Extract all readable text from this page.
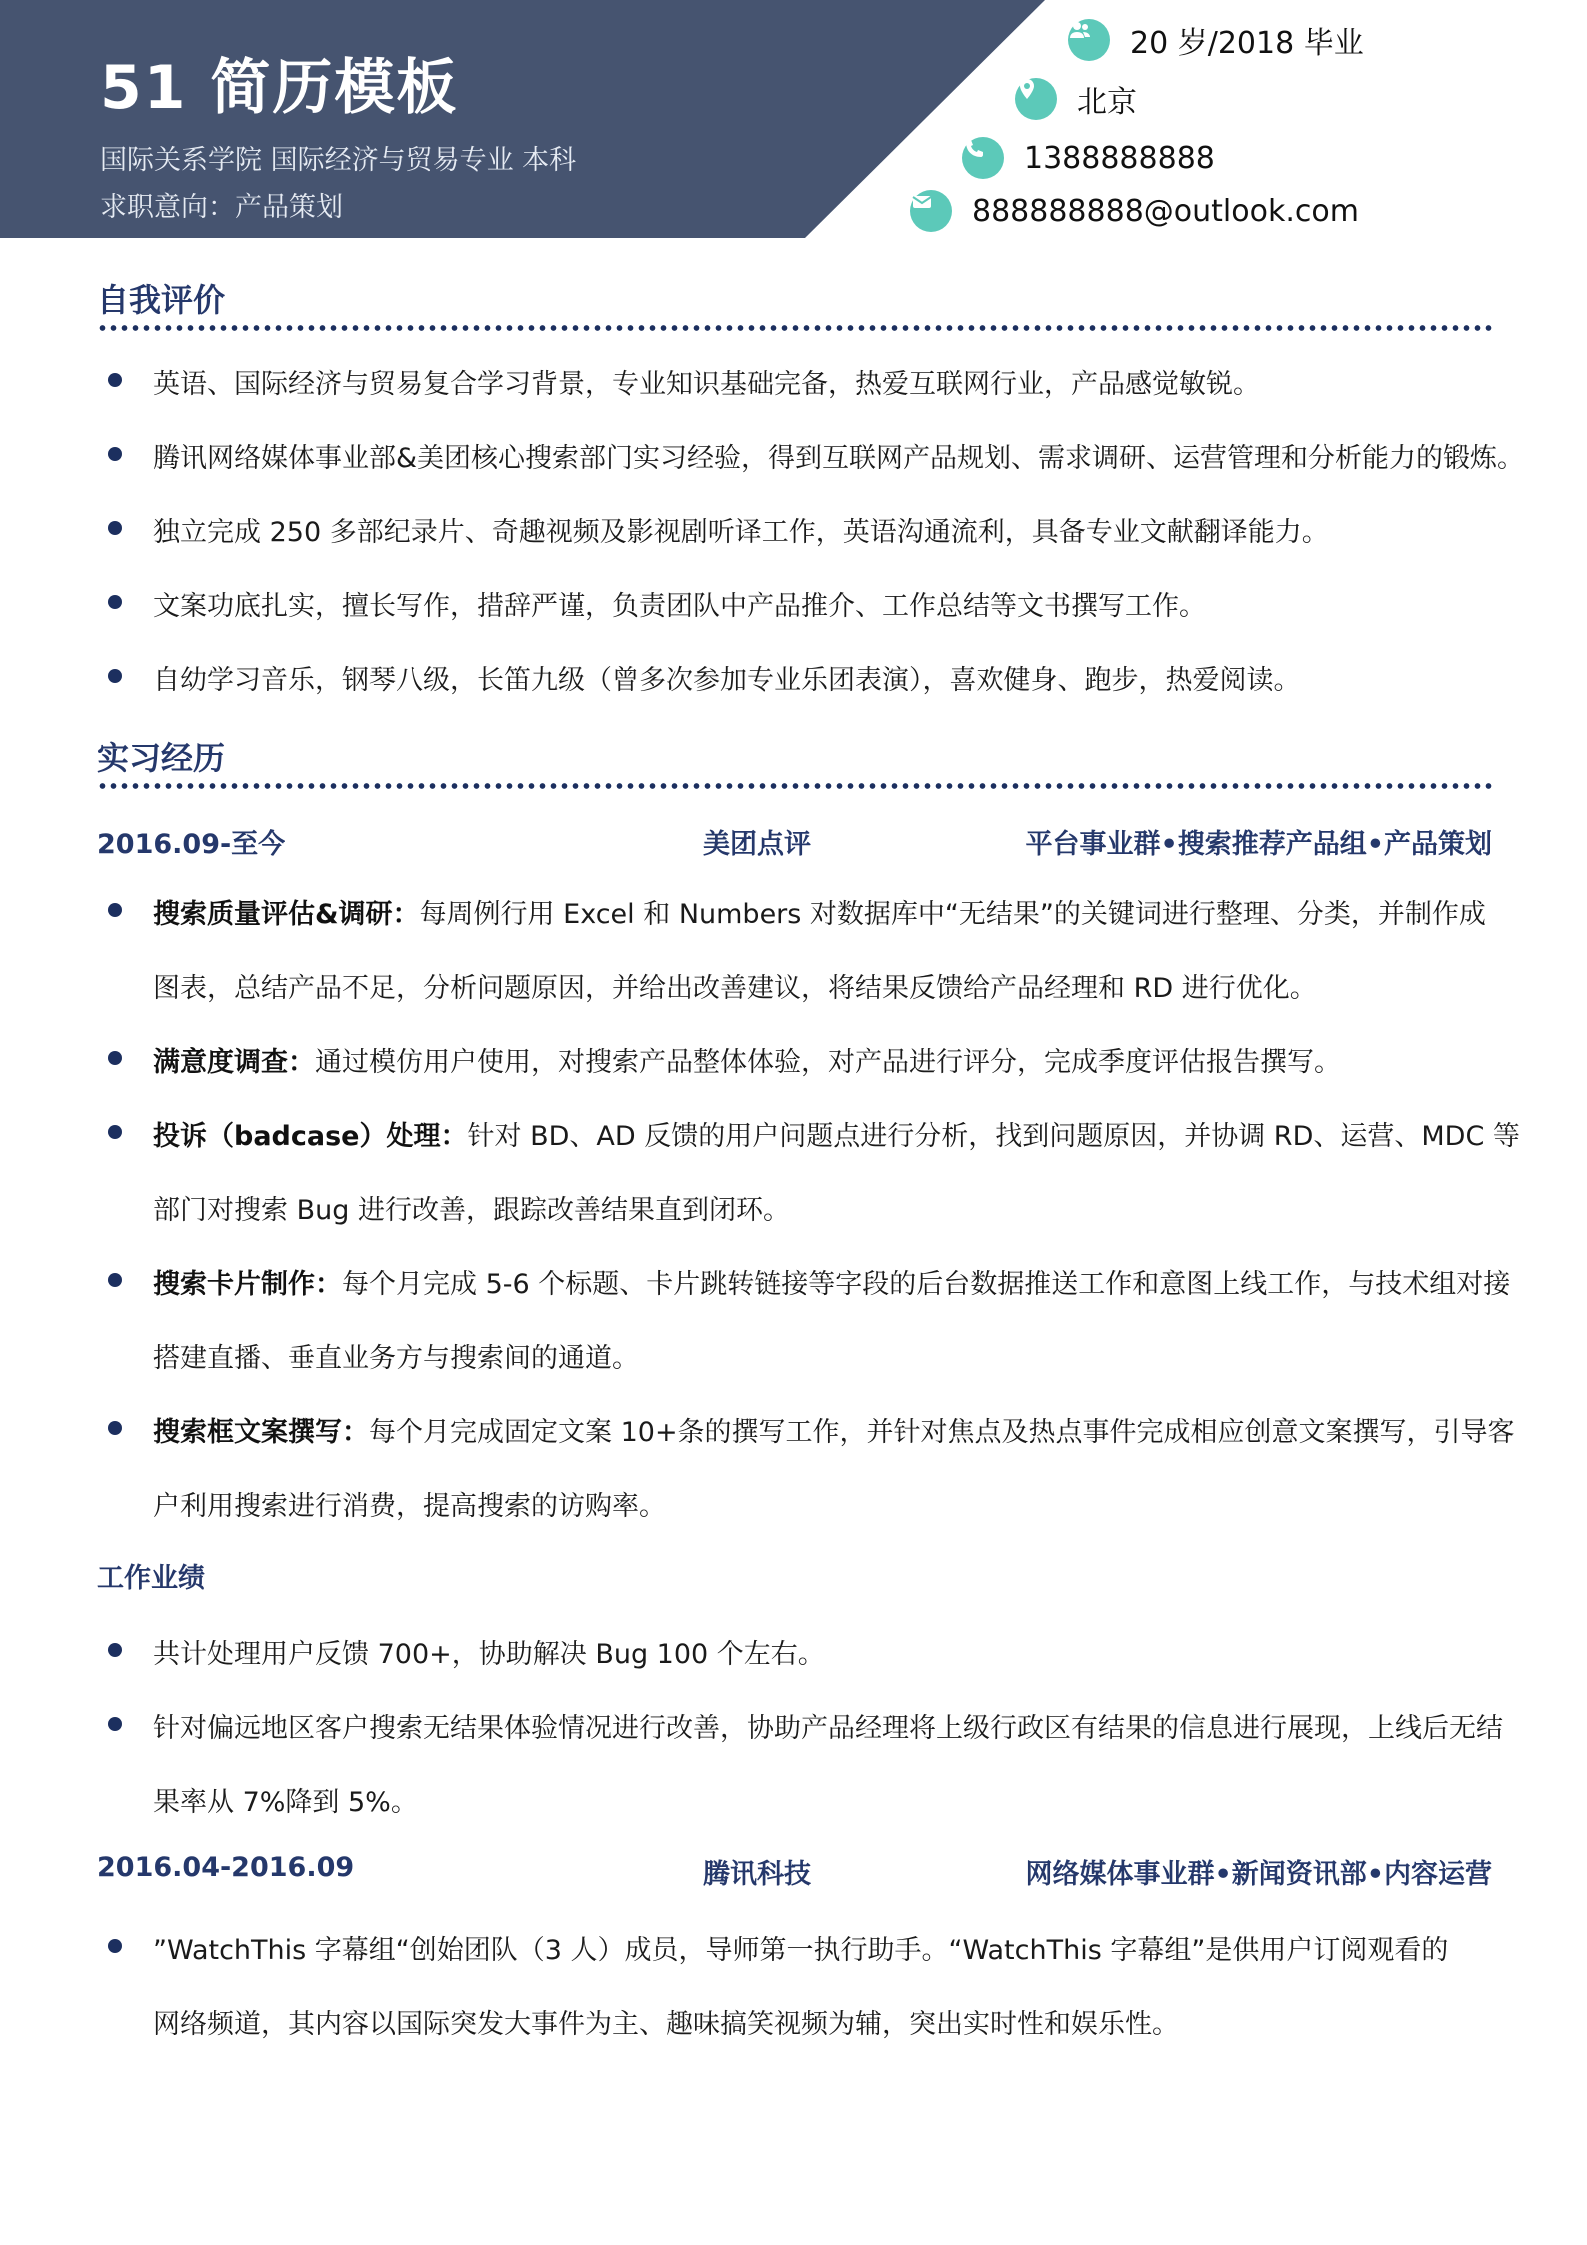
51 简历模板
国际关系学院 国际经济与贸易专业 本科
求职意向：产品策划
20 岁/2018 毕业
北京
1388888888
888888888@outlook.com
自我评价
英语、国际经济与贸易复合学习背景，专业知识基础完备，热爱互联网行业，产品感觉敏锐。
腾讯网络媒体事业部&美团核心搜索部门实习经验，得到互联网产品规划、需求调研、运营管理和分析能力的锻炼。
独立完成 250 多部纪录片、奇趣视频及影视剧听译工作，英语沟通流利，具备专业文献翻译能力。
文案功底扎实，擅长写作，措辞严谨，负责团队中产品推介、工作总结等文书撰写工作。
自幼学习音乐，钢琴八级，长笛九级（曾多次参加专业乐团表演），喜欢健身、跑步，热爱阅读。
实习经历
2016.09-至今	美团点评	平台事业群•搜索推荐产品组•产品策划
搜索质量评估&调研：每周例行用 Excel 和 Numbers 对数据库中“无结果”的关键词进行整理、分类，并制作成
图表，总结产品不足，分析问题原因，并给出改善建议，将结果反馈给产品经理和 RD 进行优化。
满意度调查：通过模仿用户使用，对搜索产品整体体验，对产品进行评分，完成季度评估报告撰写。
投诉（badcase）处理：针对 BD、AD 反馈的用户问题点进行分析，找到问题原因，并协调 RD、运营、MDC 等
部门对搜索 Bug 进行改善，跟踪改善结果直到闭环。
搜索卡片制作：每个月完成 5-6 个标题、卡片跳转链接等字段的后台数据推送工作和意图上线工作，与技术组对接
搭建直播、垂直业务方与搜索间的通道。
搜索框文案撰写：每个月完成固定文案 10+条的撰写工作，并针对焦点及热点事件完成相应创意文案撰写，引导客
户利用搜索进行消费，提高搜索的访购率。
工作业绩
共计处理用户反馈 700+，协助解决 Bug 100 个左右。
针对偏远地区客户搜索无结果体验情况进行改善，协助产品经理将上级行政区有结果的信息进行展现，上线后无结
果率从 7%降到 5%。
2016.04-2016.09	腾讯科技	网络媒体事业群•新闻资讯部•内容运营
”WatchThis 字幕组“创始团队（3 人）成员，导师第一执行助手。“WatchThis 字幕组”是供用户订阅观看的
网络频道，其内容以国际突发大事件为主、趣味搞笑视频为辅，突出实时性和娱乐性。
